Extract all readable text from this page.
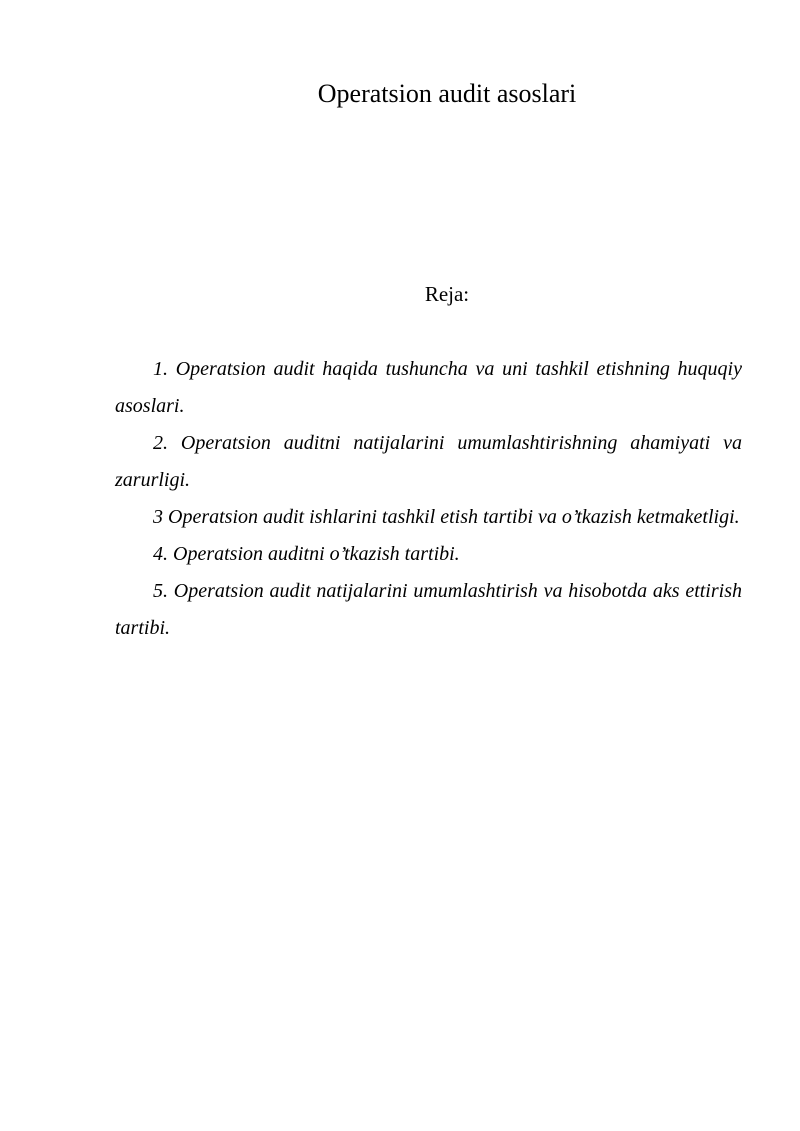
Operatsion audit asoslari
Reja:
1. Operatsion audit haqida tushuncha va uni tashkil etishning huquqiy asoslari.
2. Operatsion auditni natijalarini umumlashtirishning ahamiyati va zarurligi.
3 Operatsion audit ishlarini tashkil etish tartibi va o’tkazish ketmaketligi.
4. Operatsion auditni o’tkazish tartibi.
5. Operatsion audit natijalarini umumlashtirish va hisobotda aks ettirish tartibi.
